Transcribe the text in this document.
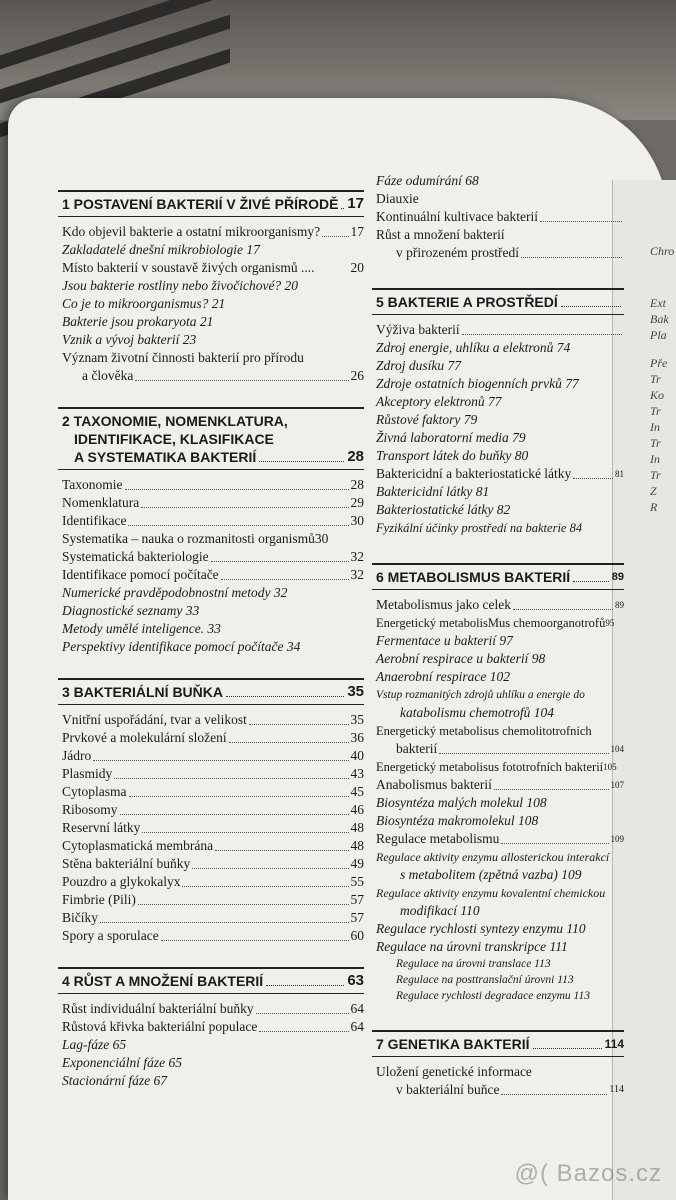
Chro
Ext
Bak
Pla
Pře
Tr
Ko
Tr
In
Tr
In
Tr
Z
R
1 POSTAVENÍ BAKTERIÍ V ŽIVÉ PŘÍRODĚ 17
Kdo objevil bakterie a ostatní mikroorganismy? 17
Zakladatelé dnešní mikrobiologie 17
Místo bakterií v soustavě živých organismů ....	20
Jsou bakterie rostliny nebo živočichové? 20
Co je to mikroorganismus? 21
Bakterie jsou prokaryota 21
Vznik a vývoj bakterií 23
Význam životní činnosti bakterií pro přírodu
a člověka	26
2 TAXONOMIE, NOMENKLATURA,
IDENTIFIKACE, KLASIFIKACE
A SYSTEMATIKA BAKTERIÍ	28
Taxonomie	28
Nomenklatura	29
Identifikace	30
Systematika – nauka o rozmanitosti organismů 30
Systematická bakteriologie	32
Identifikace pomocí počítače	32
Numerické pravděpodobnostní metody 32
Diagnostické seznamy 33
Metody umělé inteligence. 33
Perspektivy identifikace pomocí počítače 34
3 BAKTERIÁLNÍ BUŇKA	35
Vnitřní uspořádání, tvar a velikost	35
Prvkové a molekulární složení	36
Jádro	40
Plasmidy	43
Cytoplasma	45
Ribosomy	46
Reservní látky	48
Cytoplasmatická membrána	48
Stěna bakteriální buňky	49
Pouzdro a glykokalyx	55
Fimbrie (Pili)	57
Bičíky	57
Spory a sporulace	60
4 RŮST A MNOŽENÍ BAKTERIÍ	63
Růst individuální bakteriální buňky	64
Růstová křivka bakteriální populace	64
Lag-fáze 65
Exponenciální fáze 65
Stacionární fáze 67
Fáze odumírání 68
Diauxie
Kontinuální kultivace bakterií
Růst a množení bakterií
v přirozeném prostředí
5 BAKTERIE A PROSTŘEDÍ
Výživa bakterií
Zdroj energie, uhlíku a elektronů 74
Zdroj dusíku 77
Zdroje ostatních biogenních prvků 77
Akceptory elektronů 77
Růstové faktory 79
Živná laboratorní media 79
Transport látek do buňky 80
Baktericidní a bakteriostatické látky	81
Baktericidní látky 81
Bakteriostatické látky 82
Fyzikální účinky prostředí na bakterie 84
6 METABOLISMUS BAKTERIÍ	89
Metabolismus jako celek	89
Energetický metabolisMus chemoorganotrofů 95
Fermentace u bakterií 97
Aerobní respirace u bakterií 98
Anaerobní respirace 102
Vstup rozmanitých zdrojů uhlíku a energie do
katabolismu chemotrofů 104
Energetický metabolisus chemolitotrofních
bakterií	104
Energetický metabolisus fototrofních bakterií 105
Anabolismus bakterií	107
Biosyntéza malých molekul 108
Biosyntéza makromolekul 108
Regulace metabolismu	109
Regulace aktivity enzymu allosterickou interakcí
s metabolitem (zpětná vazba) 109
Regulace aktivity enzymu kovalentní chemickou
modifikací 110
Regulace rychlosti syntezy enzymu 110
Regulace na úrovni transkripce 111
Regulace na úrovni translace 113
Regulace na posttranslační úrovni 113
Regulace rychlosti degradace enzymu 113
7 GENETIKA BAKTERIÍ	114
Uložení genetické informace
v bakteriální buňce	114
@( Bazos.cz
